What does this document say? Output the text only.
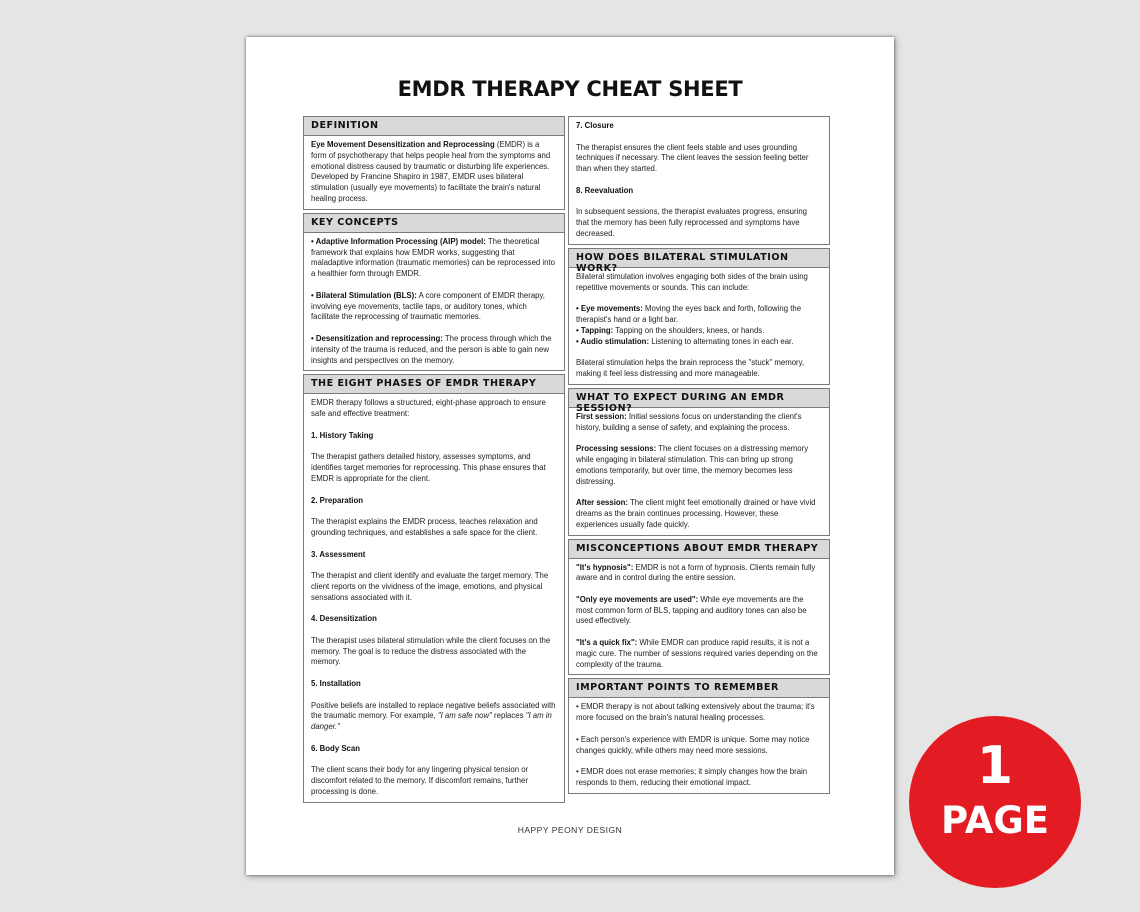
EMDR THERAPY CHEAT SHEET
DEFINITION

Eye Movement Desensitization and Reprocessing (EMDR) is a form of psychotherapy that helps people heal from the symptoms and emotional distress caused by traumatic or disturbing life experiences. Developed by Francine Shapiro in 1987, EMDR uses bilateral stimulation (usually eye movements) to facilitate the brain's natural healing process.

KEY CONCEPTS

• Adaptive Information Processing (AIP) model: The theoretical framework that explains how EMDR works, suggesting that maladaptive information (traumatic memories) can be reprocessed into a healthier form through EMDR.

• Bilateral Stimulation (BLS): A core component of EMDR therapy, involving eye movements, tactile taps, or auditory tones, which facilitate the reprocessing of traumatic memories.

• Desensitization and reprocessing: The process through which the intensity of the trauma is reduced, and the person is able to gain new insights and perspectives on the memory.

THE EIGHT PHASES OF EMDR THERAPY

EMDR therapy follows a structured, eight-phase approach to ensure safe and effective treatment:

1. History Taking

The therapist gathers detailed history, assesses symptoms, and identifies target memories for reprocessing. This phase ensures that EMDR is appropriate for the client.

2. Preparation

The therapist explains the EMDR process, teaches relaxation and grounding techniques, and establishes a safe space for the client.

3. Assessment

The therapist and client identify and evaluate the target memory. The client reports on the vividness of the image, emotions, and physical sensations associated with it.

4. Desensitization

The therapist uses bilateral stimulation while the client focuses on the memory. The goal is to reduce the distress associated with the memory.

5. Installation

Positive beliefs are installed to replace negative beliefs associated with the traumatic memory. For example, "I am safe now" replaces "I am in danger."

6. Body Scan

The client scans their body for any lingering physical tension or discomfort related to the memory. If discomfort remains, further processing is done.

7. Closure

The therapist ensures the client feels stable and uses grounding techniques if necessary. The client leaves the session feeling better than when they started.

8. Reevaluation

In subsequent sessions, the therapist evaluates progress, ensuring that the memory has been fully reprocessed and symptoms have decreased.

HOW DOES BILATERAL STIMULATION WORK?

Bilateral stimulation involves engaging both sides of the brain using repetitive movements or sounds. This can include:

• Eye movements: Moving the eyes back and forth, following the therapist's hand or a light bar.
• Tapping: Tapping on the shoulders, knees, or hands.
• Audio stimulation: Listening to alternating tones in each ear.

Bilateral stimulation helps the brain reprocess the "stuck" memory, making it feel less distressing and more manageable.

WHAT TO EXPECT DURING AN EMDR SESSION?

First session: Initial sessions focus on understanding the client's history, building a sense of safety, and explaining the process.

Processing sessions: The client focuses on a distressing memory while engaging in bilateral stimulation. This can bring up strong emotions temporarily, but over time, the memory becomes less distressing.

After session: The client might feel emotionally drained or have vivid dreams as the brain continues processing. However, these experiences usually fade quickly.

MISCONCEPTIONS ABOUT EMDR THERAPY

"It's hypnosis": EMDR is not a form of hypnosis. Clients remain fully aware and in control during the entire session.

"Only eye movements are used": While eye movements are the most common form of BLS, tapping and auditory tones can also be used effectively.

"It's a quick fix": While EMDR can produce rapid results, it is not a magic cure. The number of sessions required varies depending on the complexity of the trauma.

IMPORTANT POINTS TO REMEMBER

• EMDR therapy is not about talking extensively about the trauma; it's more focused on the brain's natural healing processes.

• Each person's experience with EMDR is unique. Some may notice changes quickly, while others may need more sessions.

• EMDR does not erase memories; it simply changes how the brain responds to them, reducing their emotional impact.

HAPPY PEONY DESIGN
1
PAGE
